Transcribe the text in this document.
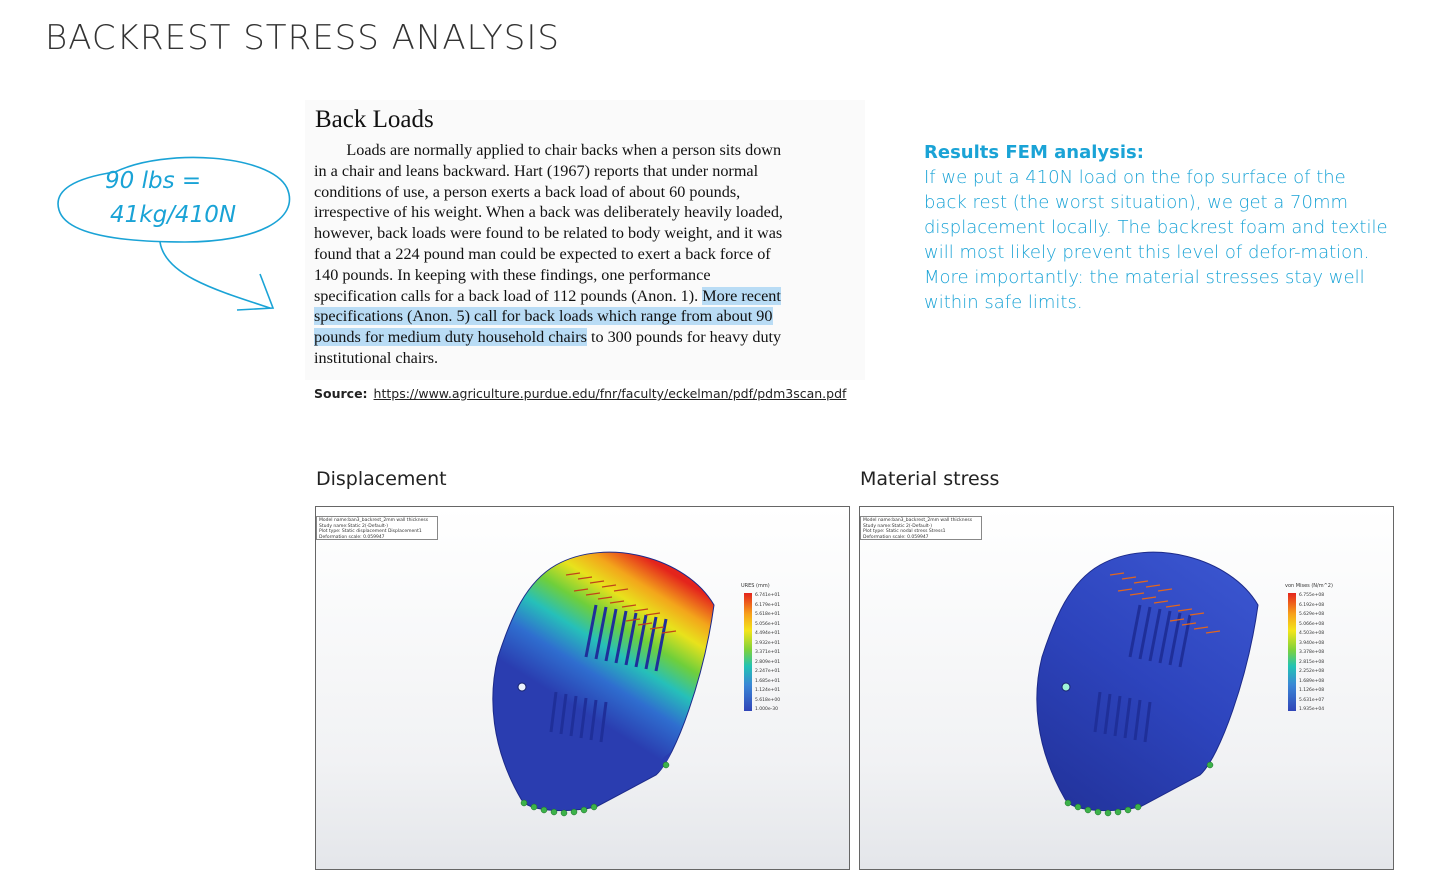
BACKREST STRESS ANALYSIS
90 lbs =
41kg/410N
Back Loads
  Loads are normally applied to chair backs when a person sits down
in a chair and leans backward. Hart (1967) reports that under normal
conditions of use, a person exerts a back load of about 60 pounds,
irrespective of his weight. When a back was deliberately heavily loaded,
however, back loads were found to be related to body weight, and it was
found that a 224 pound man could be expected to exert a back force of
140 pounds. In keeping with these findings, one performance
specification calls for a back load of 112 pounds (Anon. 1). More recent
specifications (Anon. 5) call for back loads which range from about 90
pounds for medium duty household chairs to 300 pounds for heavy duty
institutional chairs.
Source: https://www.agriculture.purdue.edu/fnr/faculty/eckelman/pdf/pdm3scan.pdf
Results FEM analysis:

If we put a 410N load on the fop surface of the back rest (the worst situation), we get a 70mm displacement locally. The backrest foam and textile will most likely prevent this level of defor-mation. More importantly: the material stresses stay well within safe limits.

Displacement
Model name:ban3_backrest_2mm wall thickness
Study name:Static 2(-Default-)
Plot type: Static displacement Displacement1
Deformation scale: 0.059947
URES (mm)
6.741e+01
6.179e+01
5.618e+01
5.056e+01
4.494e+01
3.932e+01
3.371e+01
2.809e+01
2.247e+01
1.685e+01
1.124e+01
5.618e+00
1.000e-30
Material stress
Model name:ban3_backrest_2mm wall thickness
Study name:Static 2(-Default-)
Plot type: Static nodal stress Stress1
Deformation scale: 0.059947
von Mises (N/m^2)
6.755e+08
6.192e+08
5.629e+08
5.066e+08
4.503e+08
3.940e+08
3.378e+08
2.815e+08
2.252e+08
1.689e+08
1.126e+08
5.631e+07
1.935e+04
